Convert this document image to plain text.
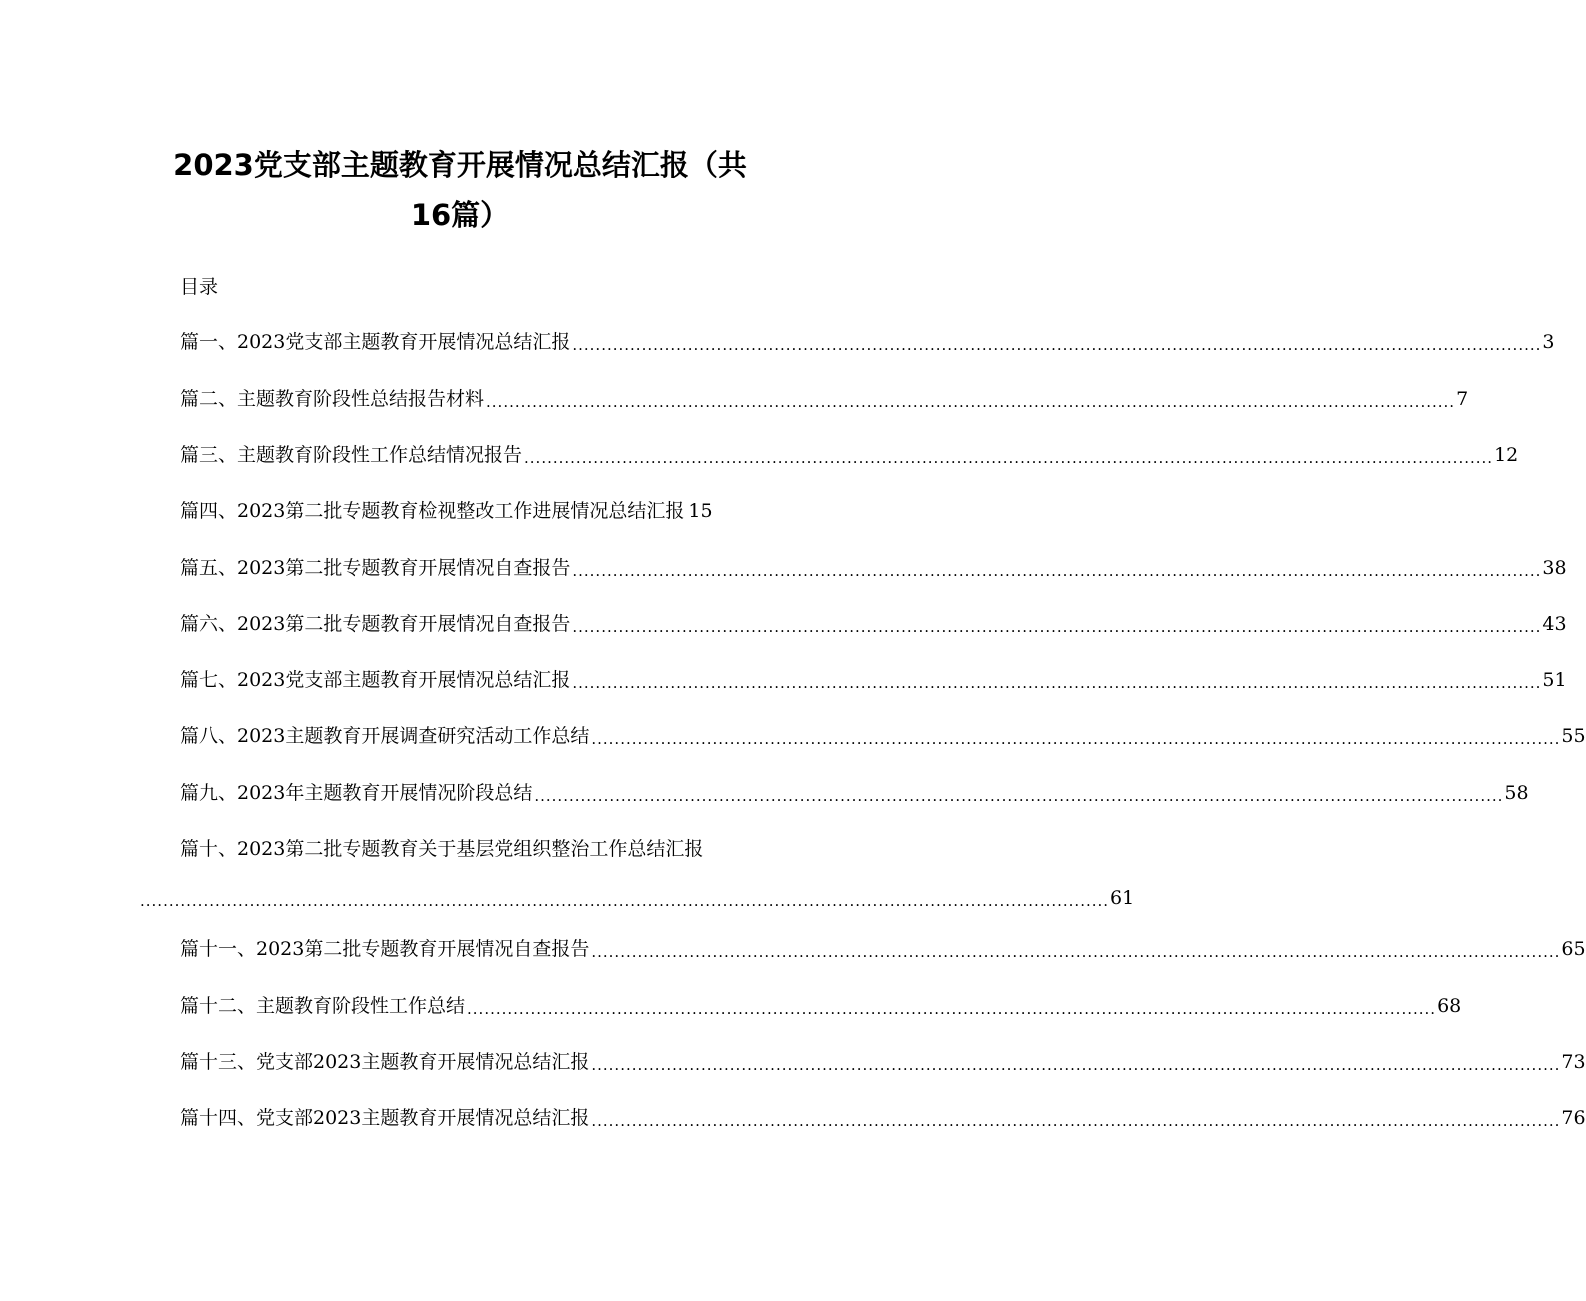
2023党支部主题教育开展情况总结汇报（共
16篇）
目录
篇一、2023党支部主题教育开展情况总结汇报 ........................................................................................................................................................................ 3
篇二、主题教育阶段性总结报告材料 ........................................................................................................................................................................ 7
篇三、主题教育阶段性工作总结情况报告 ........................................................................................................................................................................ 12
篇四、2023第二批专题教育检视整改工作进展情况总结汇报 15
篇五、2023第二批专题教育开展情况自查报告 ........................................................................................................................................................................ 38
篇六、2023第二批专题教育开展情况自查报告 ........................................................................................................................................................................ 43
篇七、2023党支部主题教育开展情况总结汇报 ........................................................................................................................................................................ 51
篇八、2023主题教育开展调查研究活动工作总结 ........................................................................................................................................................................ 55
篇九、2023年主题教育开展情况阶段总结 ........................................................................................................................................................................ 58
篇十、2023第二批专题教育关于基层党组织整治工作总结汇报
........................................................................................................................................................................ 61
篇十一、2023第二批专题教育开展情况自查报告 ........................................................................................................................................................................ 65
篇十二、主题教育阶段性工作总结 ........................................................................................................................................................................ 68
篇十三、党支部2023主题教育开展情况总结汇报 ........................................................................................................................................................................ 73
篇十四、党支部2023主题教育开展情况总结汇报 ........................................................................................................................................................................ 76
